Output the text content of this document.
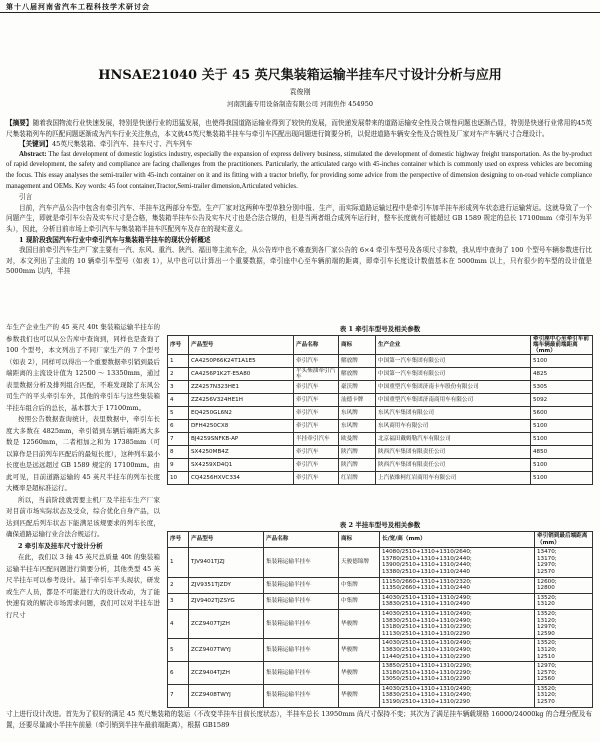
第十八届河南省汽车工程科技学术研讨会
HNSAE21040 关于 45 英尺集装箱运输半挂车尺寸设计分析与应用
袁俊刚
河南凯鑫专用设备制造有限公司 河南焦作 454950

【摘要】随着我国物流行业快速发展，特别是快递行业的迅猛发展，也使得我国道路运输业得到了较快的发展，而快递发展带来的道路运输安全性及合规性问题也逐渐凸显，特别是快递行业常用的45英尺集装箱列车的匹配问题逐渐成为汽车行业关注焦点，本文就45英尺集装箱半挂车与牵引车匹配出现问题进行简要分析，以促进道路车辆安全性及合规性及厂家对车产车辆尺寸合理设计。

【关键词】45英尺集装箱、牵引汽车、挂车尺寸、汽车列车

Abstract: The fast development of domestic logistics industry, especially the expansion of express delivery business, stimulated the development of domestic highway freight transportation. As the by-product of rapid development, the safety and compliance are facing challenges from the practitioners. Particularly, the articulated cargo with 45-inches container which is commonly used on express vehicles are becoming the focus. This essay analyses the semi-trailer with 45-inch container on it and its fitting with a tractor briefly, for providing some advice from the perspective of dimension designing to on-road vehicle compliance management and OEMs. Key words: 45 foot container,Tractor,Semi-trailer dimension,Articulated vehicles.

引言

目前，汽车产品公告中包含有牵引汽车、半挂车这两部分车型。生产厂家对这两种车型单独分别申报、生产，而实际道路运输过程中是牵引车加半挂车形成列车状态进行运输营运。这就导致了一个问题产生，即就是牵引车公告及实车尺寸是合格，集装箱半挂车公告及实车尺寸也是合法合规的，但是当两者组合成列车运行时，整车长度就有可能超过 GB 1589 规定的总长 17100mm（牵引车为平头），因此，分析目前市场上牵引汽车与集装箱半挂车匹配列车及存在的现实意义。

1 现阶段我国汽车行业中牵引汽车与集装箱半挂车的现状分析概述

我国目前牵引汽车生产厂家主要有一汽、东风、重汽、陕汽、福田等主流车企，从公告库中也不难查到各厂家公告的 6×4 牵引车型号及各项尺寸参数，我从库中查询了 100 个型号车辆参数进行比对，本文列出了主流的 10 辆牵引车型号（如表 1），从中也可以计算出一个重要数据，牵引座中心至车辆前端的距离，即牵引车长度设计数值基本在 5000mm 以上，只有很少的车型的设计值是 5000mm 以内，半挂

车生产企业生产的 45 英尺 40t 集装箱运输半挂车的参数我们也可以从公告库中查询到，同样也是查询了 100 个型号，本文列出了不同厂家生产的 7 个型号（如表 2），同样可以得出一个重要数据牵引销到最后端距离的主流设计值为 12500 ～ 13350mm，通过表里数据分析及排列组合匹配，不难发现除了东风公司生产的平头牵引车外，其他的牵引车与这些集装箱半挂车组合后的总长，基本都大于 17100mm。

按照公告数据查询统计，表里数据中，牵引车长度大多数在 4825mm，牵引销到车辆后端距离大多数是 12560mm，二者相加之和为 17385mm（可以算作是目前列车匹配后的最短长度），这种列车最小长度也是远远超过 GB 1589 规定的 17100mm。由此可见，目前道路运输的 45 英尺半挂车的列车长度大概率是超标准运行。

所以，当前阶段就需要主机厂及半挂车生产厂家对目前市场实际状态及受众，综合优化自身产品，以达到匹配后列车状态下能满足该规要求的列车长度，确保道路运输行业合法合规运行。

2 牵引车及挂车尺寸设计分析

在此，我们以 3 轴 45 英尺总质量 40t 的集装箱运输半挂车匹配问题进行简要分析，其他类型 45 英尺半挂车可以参考设计。基于牵引车平头现状，研发或生产人员，都是不可能进行大的设计改动，为了能快速有效的解决市场需求问题，我们可以对半挂车进行尺寸

表 1 牵引车型号及相关参数
序号	产品型号	产品名称	商标	生产企业	牵引座中心至牵引车前端车辆最前端距离（mm）
1	CA4250P66K24T1A1E5	牵引汽车	解放牌	中国第一汽车集团有限公司	5100
2	CA4256P1K2T·E5A80	平头柴油牵引汽车	解放牌	中国第一汽车集团有限公司	4825
3	ZZ4257N323HE1	牵引汽车	豪沃牌	中国重型汽车集团济南卡车股份有限公司	5305
4	ZZ4256V324HE1H	牵引汽车	汕德卡牌	中国重型汽车集团济南商用车有限公司	5092
5	EQ4250GL6N2	牵引汽车	东风牌	东风汽车集团有限公司	5600
6	DFH4250CX8	牵引汽车	东风牌	东风商用车有限公司	5100
7	BJ4259SNFKB-AP	半挂牵引汽车	欧曼牌	北京福田戴姆勒汽车有限公司	5100
8	SX4250MB4Z	牵引汽车	陕汽牌	陕西汽车集团有限责任公司	4850
9	SX4259XD4Q1	牵引汽车	陕汽牌	陕西汽车集团有限责任公司	5100
10	CQ4256HXVC334	牵引汽车	红岩牌	上汽依维柯红岩商用车有限公司	5100
表 2 半挂车型号及相关参数
序号	产品型号	产品名称	商标	长/宽/高（mm）	牵引销到最后端距离（mm）
1	TJV9401TJZJ	集装箱运输半挂车	天骏德锦牌	14080/2510+1310+1310/2640;
13780/2510+1310+1310/2440;
13900/2510+1310+1310/2440;
13380/2510+1310+1310/2440	13470;
13170;
12970;
12570
2	ZJV9351TJZDY	集装箱运输半挂车	中集牌	11150/2660+1310+1310/2320;
11350/2660+1310+1310/2440	12600;
12800
3	ZJV9402TJZSYG	集装箱运输半挂车	中集牌	14030/2510+1310+1310/2490;
13830/2510+1310+1310/2490	13520;
13120
4	ZCZ9407TJZH	集装箱运输半挂车	华骏牌	14030/2510+1310+1310/2490;
13830/2510+1310+1310/2490;
13180/2510+1310+1310/2290;
11130/2510+1310+1310/2290	13520;
13120;
12970;
12590
5	ZCZ9407TWYJ	集装箱运输半挂车	华骏牌	14030/2510+1310+1310/2490;
13830/2510+1310+1310/2490;
11440/2510+1310+1310/2290	13520;
13120;
12510
6	ZCZ9404TJZH	集装箱运输半挂车	华骏牌	13850/2510+1310+1310/2290;
13180/2510+1310+1310/2290;
13050/2510+1310+1310/2290	12970;
12570;
12560
7	ZCZ9408TWYJ	集装箱运输半挂车	华骏牌	14030/2510+1310+1310/2490;
13830/2510+1310+1310/2490;
13190/2510+1310+1310/2290	13520;
13120;
12570

寸上进行设计改进。首先为了很好的满足 45 英尺集装箱的装运（不改变半挂车目前长度状态），半挂车总长 13950mm 尚尺寸保持不变；其次为了满足挂车辆载规格 16000/24000kg 的合理分配及布置，还要尽量减小半挂车前悬（牵引销到半挂车最前端距离），根据 GB1589
